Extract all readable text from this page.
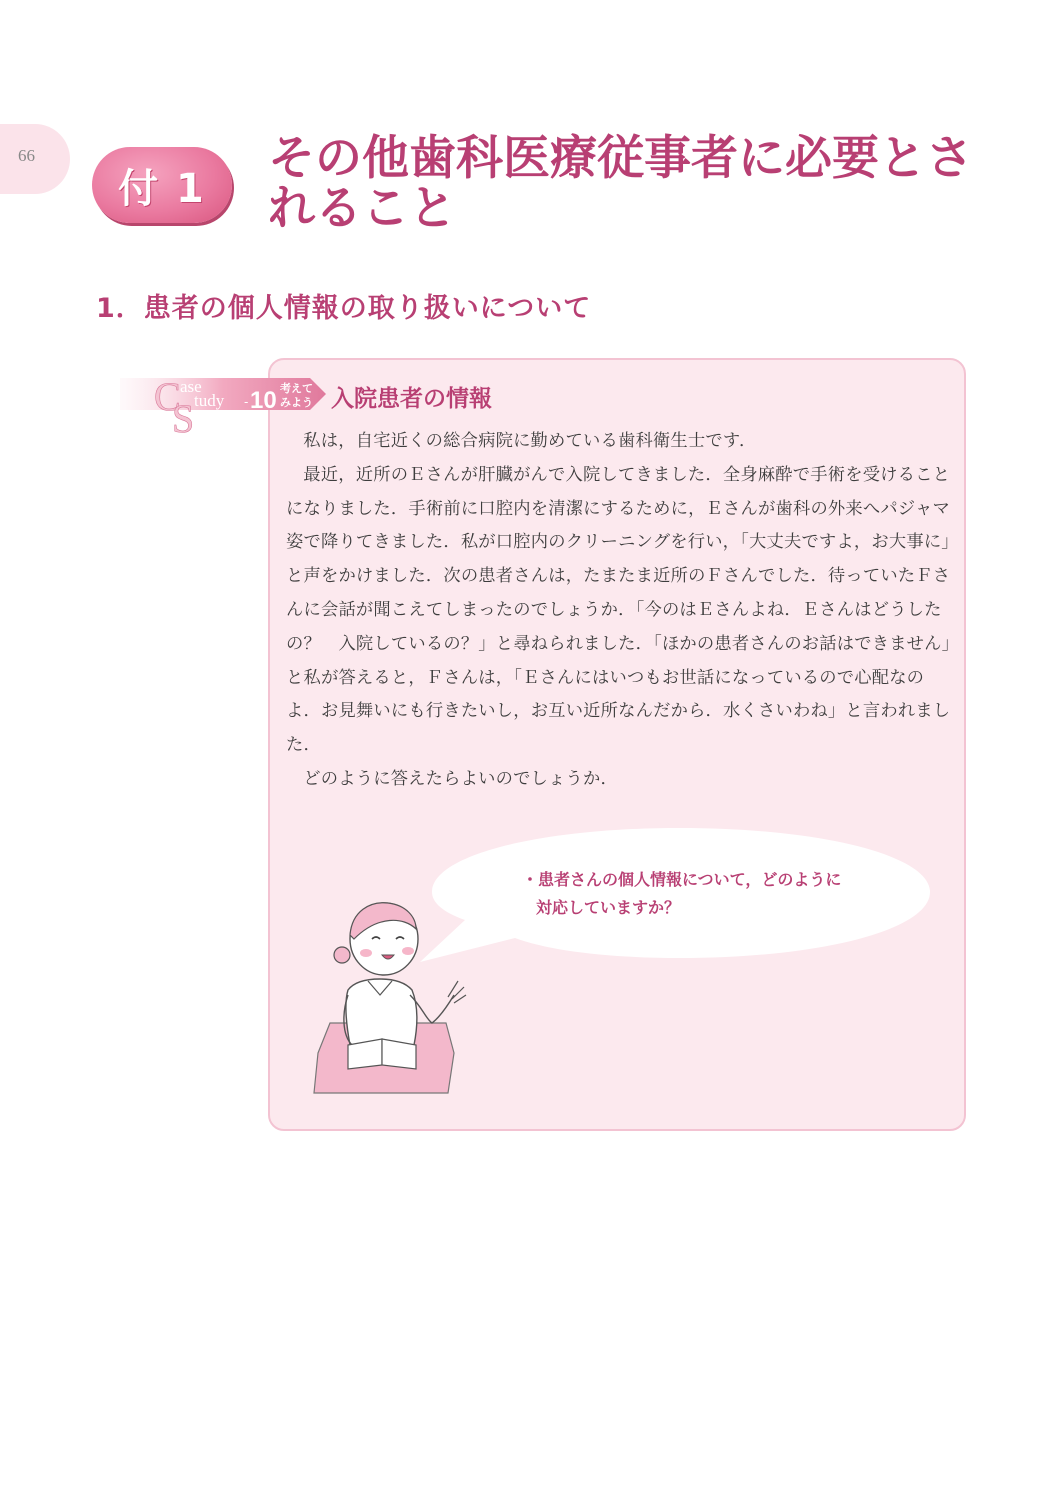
66
付 1
その他歯科医療従事者に必要とされること
1．患者の個人情報の取り扱いについて
C
S
ase
tudy - 10 考えて
みよう 入院患者の情報

私は，自宅近くの総合病院に勤めている歯科衛生士です．

最近，近所のＥさんが肝臓がんで入院してきました．全身麻酔で手術を受けることになりました．手術前に口腔内を清潔にするために，Ｅさんが歯科の外来へパジャマ姿で降りてきました．私が口腔内のクリーニングを行い，「大丈夫ですよ，お大事に」と声をかけました．次の患者さんは，たまたま近所のＦさんでした．待っていたＦさんに会話が聞こえてしまったのでしょうか．「今のはＥさんよね．Ｅさんはどうしたの？　入院しているの？」と尋ねられました．「ほかの患者さんのお話はできません」と私が答えると，Ｆさんは，「Ｅさんにはいつもお世話になっているので心配なのよ．お見舞いにも行きたいし，お互い近所なんだから．水くさいわね」と言われました．

どのように答えたらよいのでしょうか．

・患者さんの個人情報について，どのように
対応していますか？
